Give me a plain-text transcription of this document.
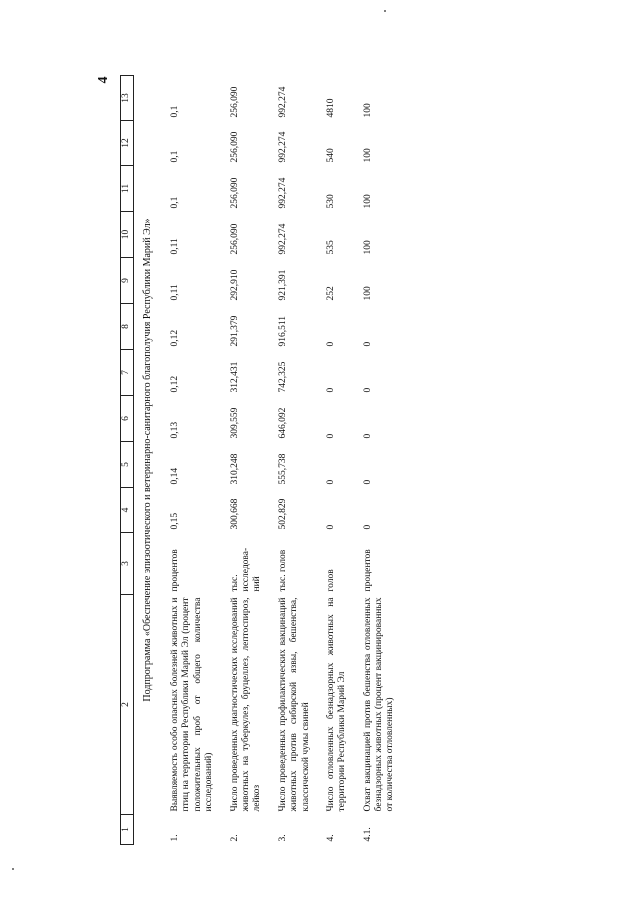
4
1	2	3	4	5	6	7	8	9	10	11	12	13
Подпрограмма «Обеспечение эпизоотического и ветеринарно-санитарного благополучия Республики Марий Эл»												
1.	Выявляемость особо опасных болезней животных и птиц на территории Республики Марий Эл (процент положительных проб от общего количества исследований)	процентов	0,15	0,14	0,13	0,12	0,12	0,11	0,11	0,1	0,1	0,1
2.	Число проведенных диагностических исследований животных на туберкулез, бруцеллез, лептоспироз, лейкоз	тыс. исследова-ний	300,668	310,248	309,559	312,431	291,379	292,910	256,090	256,090	256,090	256,090
3.	Число проведенных профилактических вакцинаций животных против сибирской язвы, бешенства, классической чумы свиней	тыс. голов	502,829	555,738	646,092	742,325	916,511	921,391	992,274	992,274	992,274	992,274
4.	Число отловленных безнадзорных животных на территории Республики Марий Эл	голов	0	0	0	0	0	252	535	530	540	4810
4.1.	Охват вакцинацией против бешенства отловленных безнадзорных животных (процент вакцинированных от количества отловленных)	процентов	0	0	0	0	0	100	100	100	100	100
